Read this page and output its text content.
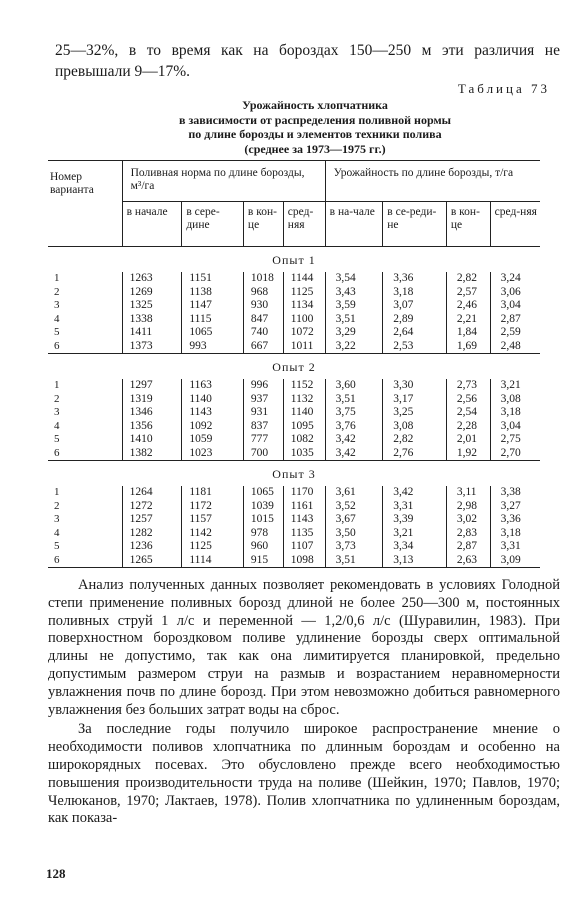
25—32%, в то время как на бороздах 150—250 м эти различия не превышали 9—17%.
Таблица 73
Урожайность хлопчатника
в зависимости от распределения поливной нормы
по длине борозды и элементов техники полива
(среднее за 1973—1975 гг.)
Номер варианта	Поливная норма по длине борозды, м³/га				Урожайность по длине борозды, т/га			
	в начале	в сере-дине	в кон-це	сред-няя	в на-чале	в се-реди-не	в кон-це	сред-няя
Опыт 1								
1	1263	1151	1018	1144	3,54	3,36	2,82	3,24
2	1269	1138	968	1125	3,43	3,18	2,57	3,06
3	1325	1147	930	1134	3,59	3,07	2,46	3,04
4	1338	1115	847	1100	3,51	2,89	2,21	2,87
5	1411	1065	740	1072	3,29	2,64	1,84	2,59
6	1373	993	667	1011	3,22	2,53	1,69	2,48
Опыт 2								
1	1297	1163	996	1152	3,60	3,30	2,73	3,21
2	1319	1140	937	1132	3,51	3,17	2,56	3,08
3	1346	1143	931	1140	3,75	3,25	2,54	3,18
4	1356	1092	837	1095	3,76	3,08	2,28	3,04
5	1410	1059	777	1082	3,42	2,82	2,01	2,75
6	1382	1023	700	1035	3,42	2,76	1,92	2,70
Опыт 3								
1	1264	1181	1065	1170	3,61	3,42	3,11	3,38
2	1272	1172	1039	1161	3,52	3,31	2,98	3,27
3	1257	1157	1015	1143	3,67	3,39	3,02	3,36
4	1282	1142	978	1135	3,50	3,21	2,83	3,18
5	1236	1125	960	1107	3,73	3,34	2,87	3,31
6	1265	1114	915	1098	3,51	3,13	2,63	3,09

Анализ полученных данных позволяет рекомендовать в условиях Голодной степи применение поливных борозд длиной не более 250—300 м, постоянных поливных струй 1 л/с и переменной — 1,2/0,6 л/с (Шуравилин, 1983). При поверхностном бороздковом поливе удлинение борозды сверх оптимальной длины не допустимо, так как она лимитируется планировкой, предельно допустимым размером струи на размыв и возрастанием неравномерности увлажнения почв по длине борозд. При этом невозможно добиться равномерного увлажнения без больших затрат воды на сброс.

За последние годы получило широкое распространение мнение о необходимости поливов хлопчатника по длинным бороздам и особенно на широкорядных посевах. Это обусловлено прежде всего необходимостью повышения производительности труда на поливе (Шейкин, 1970; Павлов, 1970; Челюканов, 1970; Лактаев, 1978). Полив хлопчатника по удлиненным бороздам, как показа-

128
